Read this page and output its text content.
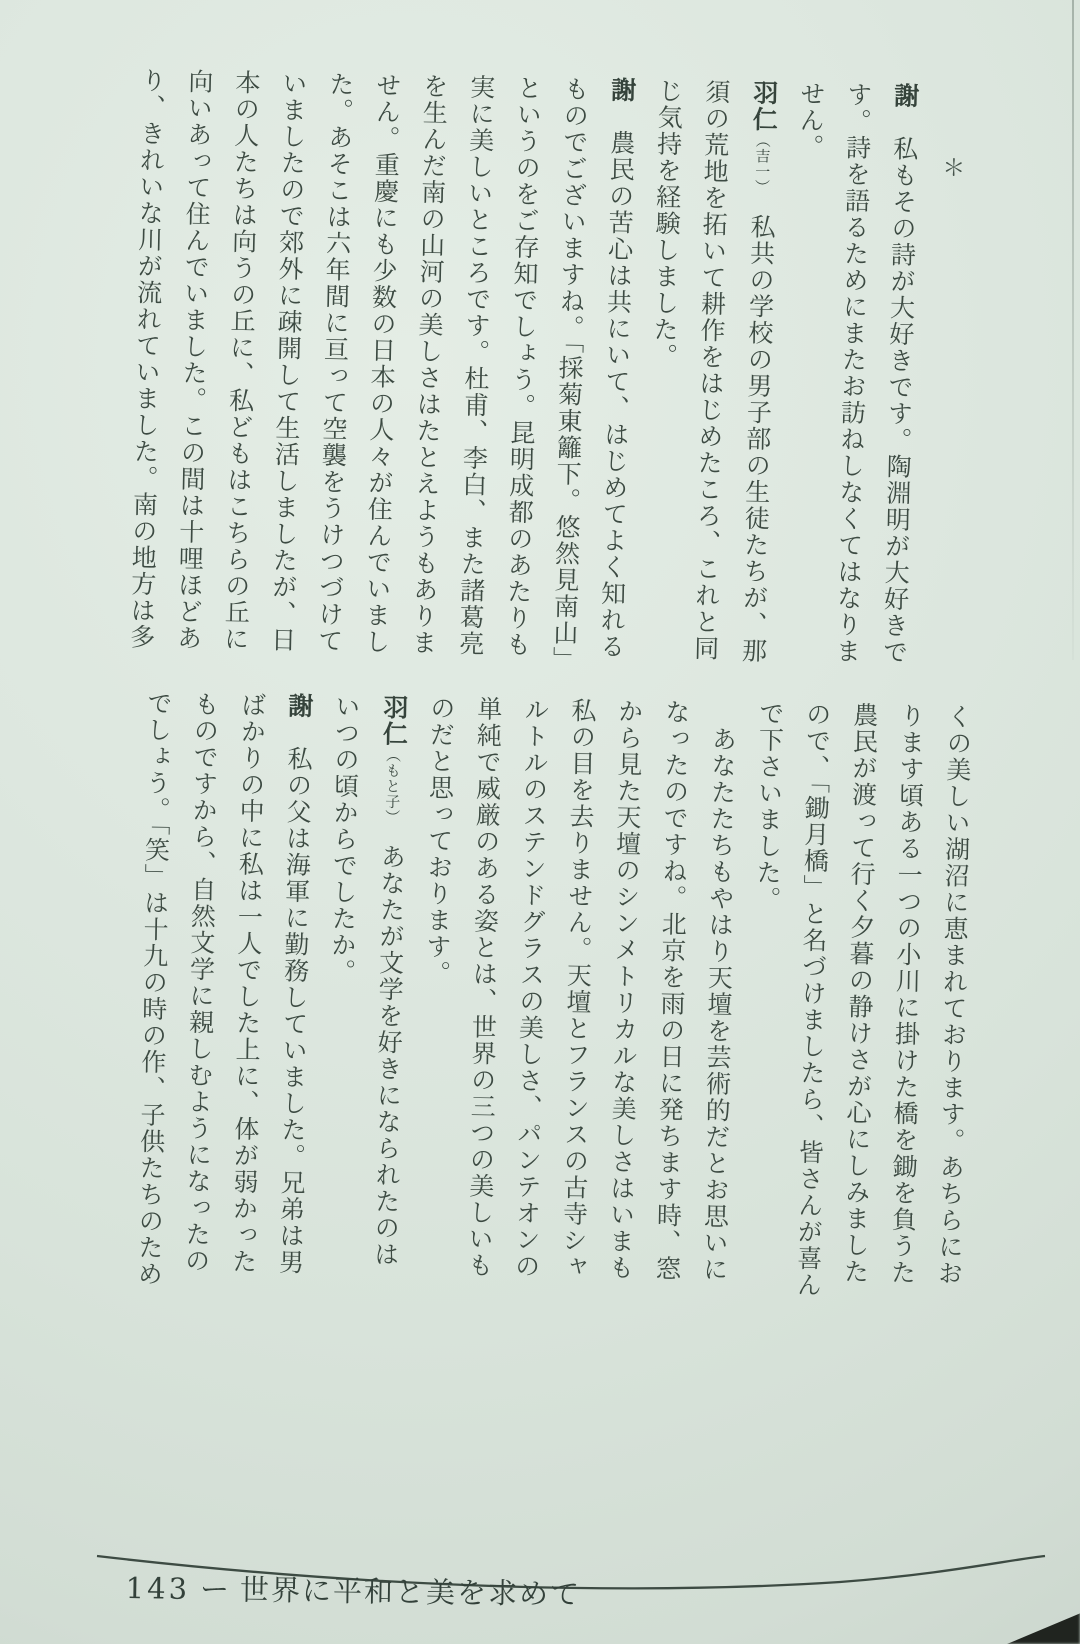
＊
謝　私もその詩が大好きです。陶淵明が大好きで
す。詩を語るためにまたお訪ねしなくてはなりま
せん。
羽仁（吉一）　私共の学校の男子部の生徒たちが、那
須の荒地を拓いて耕作をはじめたころ、これと同
じ気持を経験しました。
謝　農民の苦心は共にいて、はじめてよく知れる
ものでございますね。「採菊東籬下。悠然見南山」
というのをご存知でしょう。昆明成都のあたりも
実に美しいところです。杜甫、李白、また諸葛亮
を生んだ南の山河の美しさはたとえようもありま
せん。重慶にも少数の日本の人々が住んでいまし
た。あそこは六年間に亘って空襲をうけつづけて
いましたので郊外に疎開して生活しましたが、日
本の人たちは向うの丘に、私どもはこちらの丘に
向いあって住んでいました。この間は十哩ほどあ
り、きれいな川が流れていました。南の地方は多
くの美しい湖沼に恵まれております。あちらにお
ります頃ある一つの小川に掛けた橋を鋤を負うた
農民が渡って行く夕暮の静けさが心にしみました
ので、「鋤月橋」と名づけましたら、皆さんが喜ん
で下さいました。
　あなたたちもやはり天壇を芸術的だとお思いに
なったのですね。北京を雨の日に発ちます時、窓
から見た天壇のシンメトリカルな美しさはいまも
私の目を去りません。天壇とフランスの古寺シャ
ルトルのステンドグラスの美しさ、パンテオンの
単純で威厳のある姿とは、世界の三つの美しいも
のだと思っております。
羽仁（もと子）　あなたが文学を好きになられたのは
いつの頃からでしたか。
謝　私の父は海軍に勤務していました。兄弟は男
ばかりの中に私は一人でした上に、体が弱かった
ものですから、自然文学に親しむようになったの
でしょう。「笑」は十九の時の作、子供たちのため
143 ー 世界に平和と美を求めて
